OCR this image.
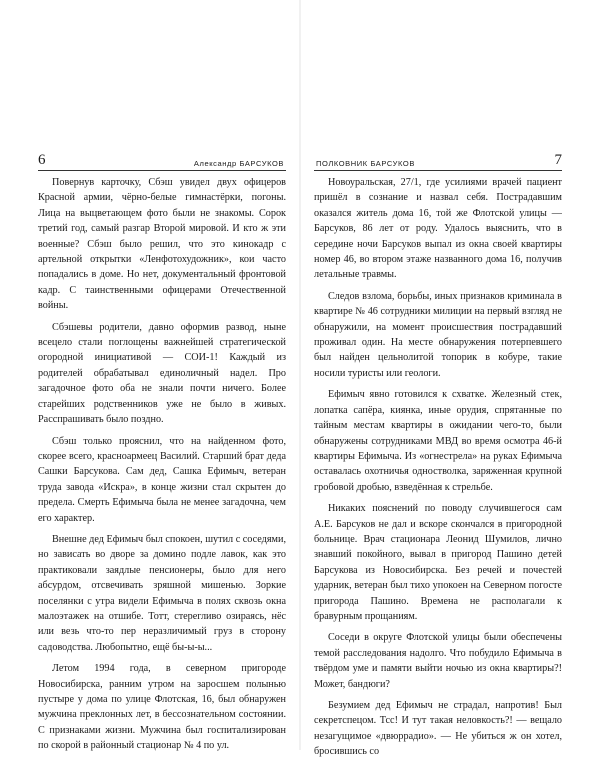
6	Александр БАРСУКОВ

Повернув карточку, Сбэш увидел двух офицеров Красной армии, чёрно-белые гимнастёрки, погоны. Лица на выцветающем фото были не знакомы. Сорок третий год, самый разгар Второй мировой. И кто ж эти военные? Сбэш было решил, что это кинокадр с артельной открытки «Ленфотохудожник», кои часто попадались в доме. Но нет, документальный фронтовой кадр. С таинственными офицерами Отечественной войны.

Сбэшевы родители, давно оформив развод, ныне всецело стали поглощены важнейшей стратегической огородной инициативой — СОИ-1! Каждый из родителей обрабатывал единоличный надел. Про загадочное фото оба не знали почти ничего. Более старейших родственников уже не было в живых. Расспрашивать было поздно.

Сбэш только прояснил, что на найденном фото, скорее всего, красноармеец Василий. Старший брат деда Сашки Барсукова. Сам дед, Сашка Ефимыч, ветеран труда завода «Искра», в конце жизни стал скрытен до предела. Смерть Ефимыча была не менее загадочна, чем его характер.

Внешне дед Ефимыч был спокоен, шутил с соседями, но зависать во дворе за домино подле лавок, как это практиковали заядлые пенсионеры, было для него абсурдом, отсвечивать зряшной мишенью. Зоркие поселянки с утра видели Ефимыча в полях сквозь окна малоэтажек на отшибе. Тотт, стерегливо озираясь, нёс или везь что-то пер неразличимый груз в сторону садоводства. Любопытно, ещё бы-ы-ы...

Летом 1994 года, в северном пригороде Новосибирска, ранним утром на заросшем полынью пустыре у дома по улице Флотская, 16, был обнаружен мужчина преклонных лет, в бессознательном состоянии. С признаками жизни. Мужчина был госпитализирован по скорой в районный стационар № 4 по ул.

ПОЛКОВНИК БАРСУКОВ	7

Новоуральская, 27/1, где усилиями врачей пациент пришёл в сознание и назвал себя. Пострадавшим оказался житель дома 16, той же Флотской улицы — Барсуков, 86 лет от роду. Удалось выяснить, что в середине ночи Барсуков выпал из окна своей квартиры номер 46, во втором этаже названного дома 16, получив летальные травмы.

Следов взлома, борьбы, иных признаков криминала в квартире № 46 сотрудники милиции на первый взгляд не обнаружили, на момент происшествия пострадавший проживал один. На месте обнаружения потерпевшего был найден цельнолитой топорик в кобуре, такие носили туристы или геологи.

Ефимыч явно готовился к схватке. Железный стек, лопатка сапёра, киянка, иные орудия, спрятанные по тайным местам квартиры в ожидании чего-то, были обнаружены сотрудниками МВД во время осмотра 46-й квартиры Ефимыча. Из «огнестрела» на руках Ефимыча оставалась охотничья одностволка, заряженная крупной гробовой дробью, взведённая к стрельбе.

Никаких пояснений по поводу случившегося сам А.Е. Барсуков не дал и вскоре скончался в пригородной больнице. Врач стационара Леонид Шумилов, лично знавший покойного, вывал в пригород Пашино детей Барсукова из Новосибирска. Без речей и почестей ударник, ветеран был тихо упокоен на Северном погосте пригорода Пашино. Времена не располагали к бравурным прощаниям.

Соседи в округе Флотской улицы были обеспечены темой расследования надолго. Что побудило Ефимыча в твёрдом уме и памяти выйти ночью из окна квартиры?! Может, бандюги?

Безумием дед Ефимыч не страдал, напротив! Был секретспецом. Тсс! И тут такая неловкость?! — вещало незагущимое «двюррадио». — Не убиться ж он хотел, бросившись со
